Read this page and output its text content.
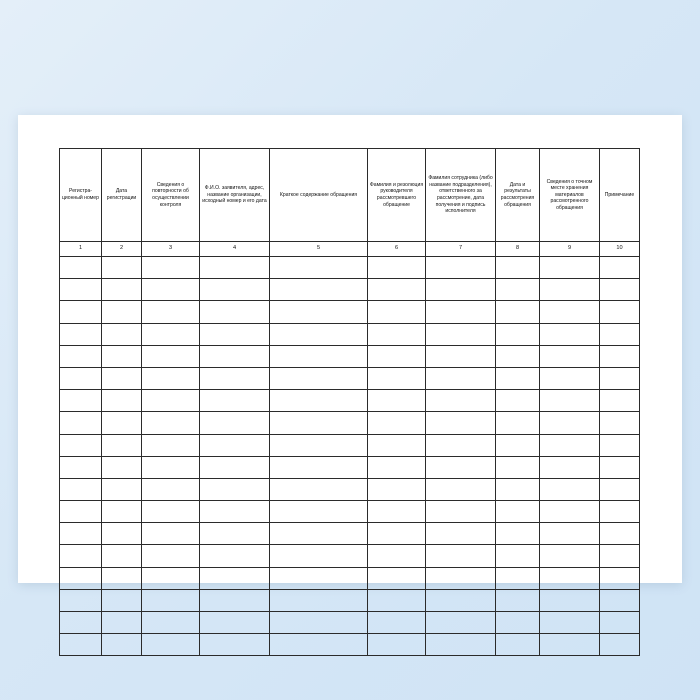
Регистра-ционный номер	Дата регистрации	Сведения о повторности об осуществлении контроля	Ф.И.О. заявителя, адрес, название организации, исходный номер и его дата	Краткое содержание обращения	Фамилия и резолюция руководителя рассмотревшего обращение	Фамилия сотрудника (либо название подразделения), ответственного за рассмотрение, дата получения и подпись исполнителя	Дата и результаты рассмотрения обращения	Сведения о точном месте хранения материалов рассмотренного обращения	Примечание
1	2	3	4	5	6	7	8	9	10
